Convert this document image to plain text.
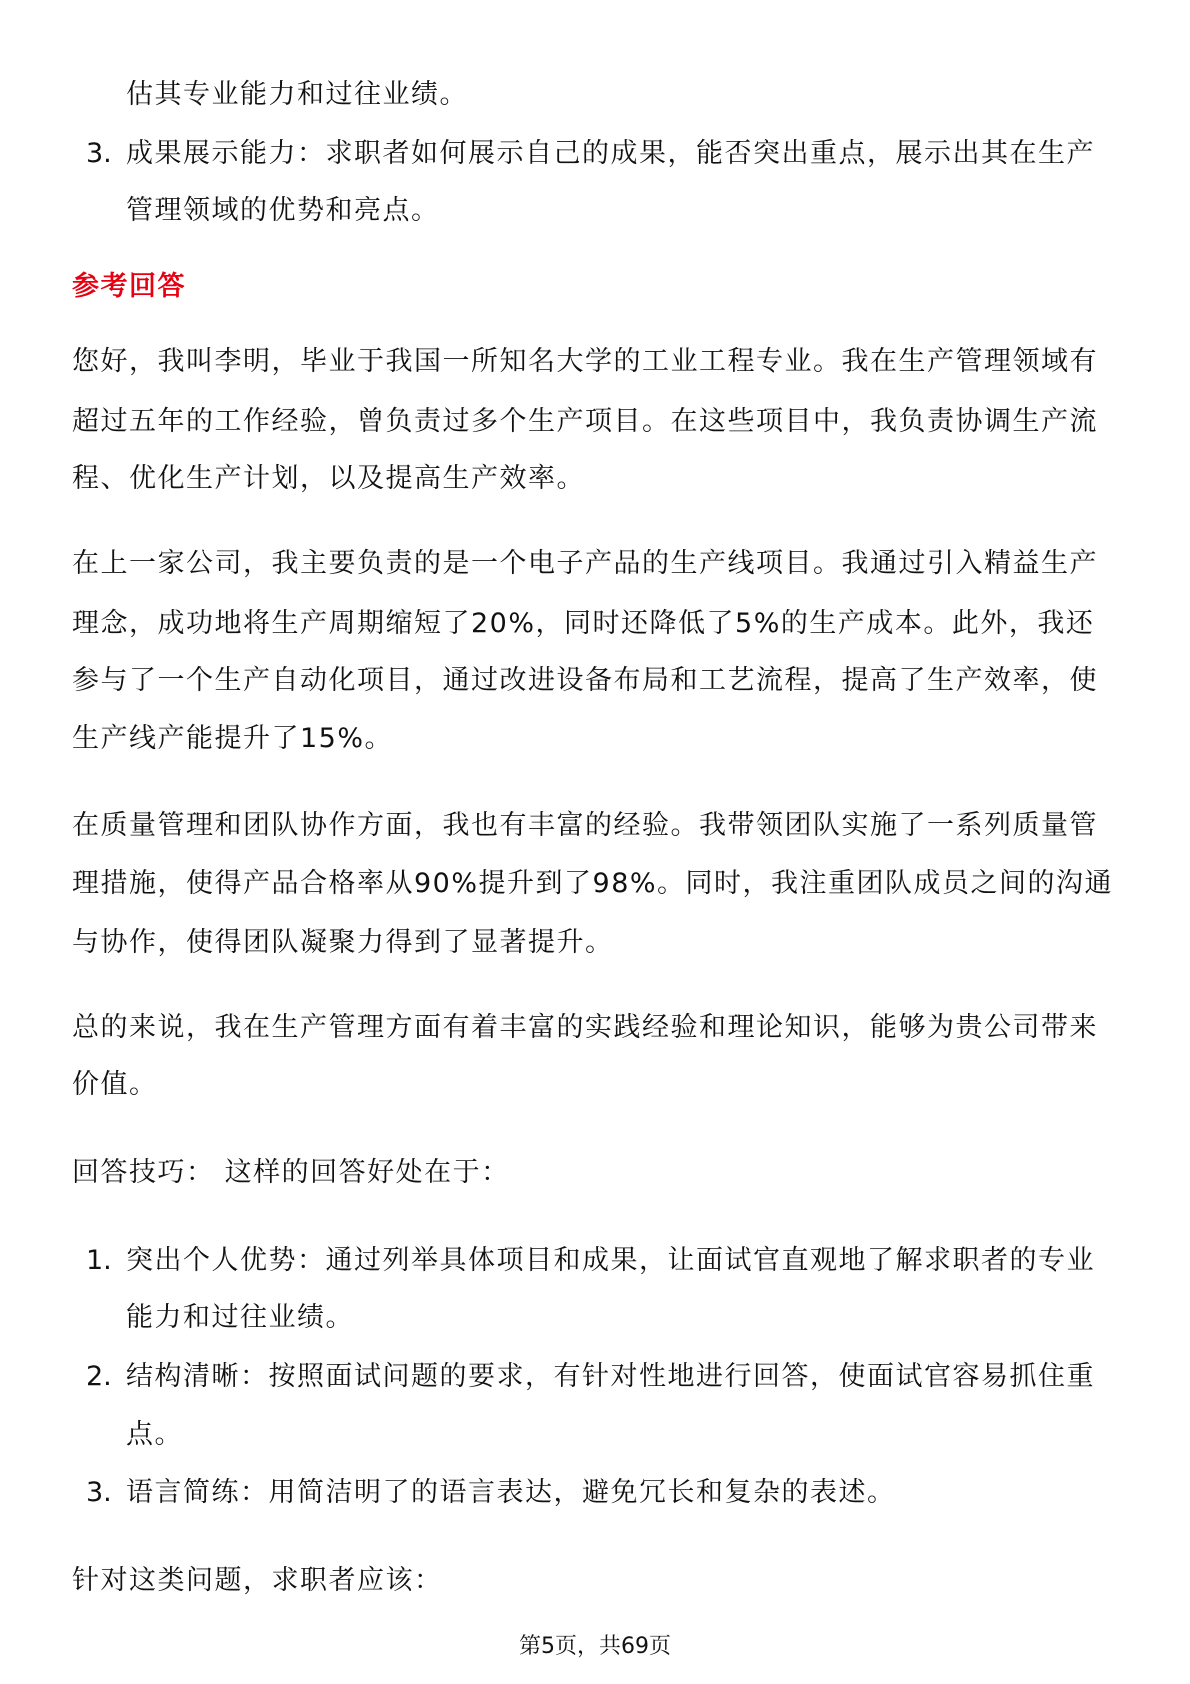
估其专业能力和过往业绩。
3. 成果展示能力：求职者如何展示自己的成果，能否突出重点，展示出其在生产
管理领域的优势和亮点。
参考回答
您好，我叫李明，毕业于我国一所知名大学的工业工程专业。我在生产管理领域有
超过五年的工作经验，曾负责过多个生产项目。在这些项目中，我负责协调生产流
程、优化生产计划，以及提高生产效率。
在上一家公司，我主要负责的是一个电子产品的生产线项目。我通过引入精益生产
理念，成功地将生产周期缩短了20%，同时还降低了5%的生产成本。此外，我还
参与了一个生产自动化项目，通过改进设备布局和工艺流程，提高了生产效率，使
生产线产能提升了15%。
在质量管理和团队协作方面，我也有丰富的经验。我带领团队实施了一系列质量管
理措施，使得产品合格率从90%提升到了98%。同时，我注重团队成员之间的沟通
与协作，使得团队凝聚力得到了显著提升。
总的来说，我在生产管理方面有着丰富的实践经验和理论知识，能够为贵公司带来
价值。
回答技巧： 这样的回答好处在于：
1. 突出个人优势：通过列举具体项目和成果，让面试官直观地了解求职者的专业
能力和过往业绩。
2. 结构清晰：按照面试问题的要求，有针对性地进行回答，使面试官容易抓住重
点。
3. 语言简练：用简洁明了的语言表达，避免冗长和复杂的表述。
针对这类问题，求职者应该：
第5页，共69页
